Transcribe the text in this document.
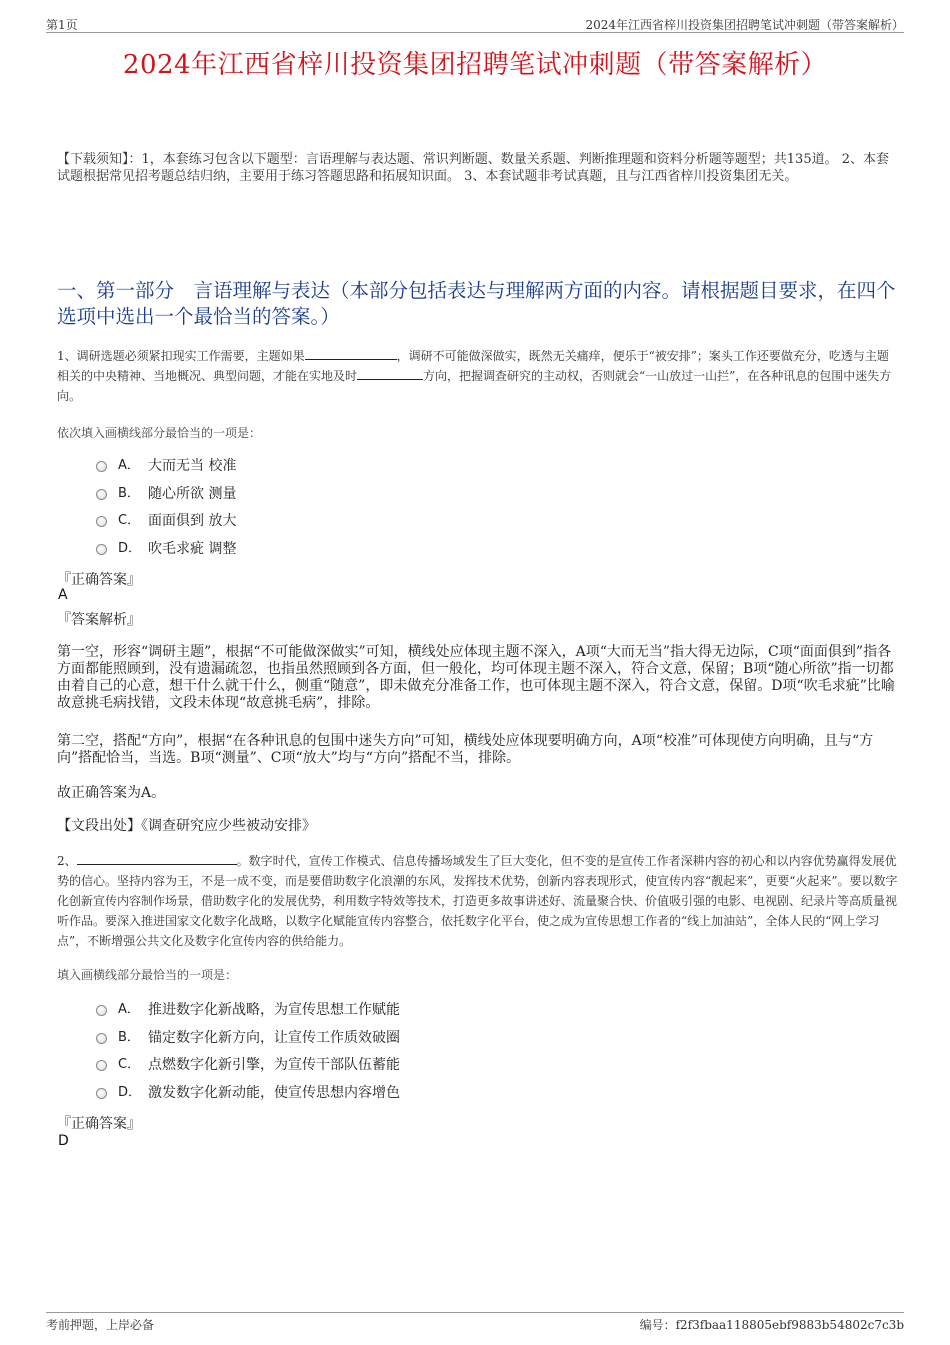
第1页	2024年江西省梓川投资集团招聘笔试冲刺题（带答案解析）
2024年江西省梓川投资集团招聘笔试冲刺题（带答案解析）
【下载须知】：1，本套练习包含以下题型：言语理解与表达题、常识判断题、数量关系题、判断推理题和资料分析题等题型；共135道。 2、本套试题根据常见招考题总结归纳，主要用于练习答题思路和拓展知识面。 3、本套试题非考试真题，且与江西省梓川投资集团无关。
一、第一部分　言语理解与表达（本部分包括表达与理解两方面的内容。请根据题目要求，在四个选项中选出一个最恰当的答案。）
1、调研选题必须紧扣现实工作需要，主题如果	，调研不可能做深做实，既然无关痛痒，便乐于“被安排”；案头工作还要做充分，吃透与主题相关的中央精神、当地概况、典型问题，才能在实地及时	方向，把握调查研究的主动权，否则就会“一山放过一山拦”，在各种讯息的包围中迷失方向。
依次填入画横线部分最恰当的一项是：
A． 大而无当 校准
B． 随心所欲 测量
C． 面面俱到 放大
D． 吹毛求疵 调整
『正确答案』
A
『答案解析』
第一空，形容“调研主题”，根据“不可能做深做实”可知，横线处应体现主题不深入，A项“大而无当”指大得无边际，C项“面面俱到”指各方面都能照顾到，没有遗漏疏忽，也指虽然照顾到各方面，但一般化，均可体现主题不深入，符合文意，保留；B项“随心所欲”指一切都由着自己的心意，想干什么就干什么，侧重“随意”，即未做充分准备工作，也可体现主题不深入，符合文意，保留。D项“吹毛求疵”比喻故意挑毛病找错，文段未体现“故意挑毛病”，排除。
第二空，搭配“方向”，根据“在各种讯息的包围中迷失方向”可知，横线处应体现要明确方向，A项“校准”可体现使方向明确，且与“方向”搭配恰当，当选。B项“测量”、C项“放大”均与“方向”搭配不当，排除。
故正确答案为A。
【文段出处】《调查研究应少些被动安排》
2、	。数字时代，宣传工作模式、信息传播场域发生了巨大变化，但不变的是宣传工作者深耕内容的初心和以内容优势赢得发展优势的信心。坚持内容为王，不是一成不变，而是要借助数字化浪潮的东风，发挥技术优势，创新内容表现形式，使宣传内容“靓起来”，更要“火起来”。要以数字化创新宣传内容制作场景，借助数字化的发展优势，利用数字特效等技术，打造更多故事讲述好、流量聚合快、价值吸引强的电影、电视剧、纪录片等高质量视听作品。要深入推进国家文化数字化战略，以数字化赋能宣传内容整合，依托数字化平台，使之成为宣传思想工作者的“线上加油站”，全体人民的“网上学习点”，不断增强公共文化及数字化宣传内容的供给能力。
填入画横线部分最恰当的一项是：
A． 推进数字化新战略，为宣传思想工作赋能
B． 锚定数字化新方向，让宣传工作质效破圈
C． 点燃数字化新引擎，为宣传干部队伍蓄能
D． 激发数字化新动能，使宣传思想内容增色
『正确答案』
D
考前押题，上岸必备	编号：f2f3fbaa118805ebf9883b54802c7c3b
